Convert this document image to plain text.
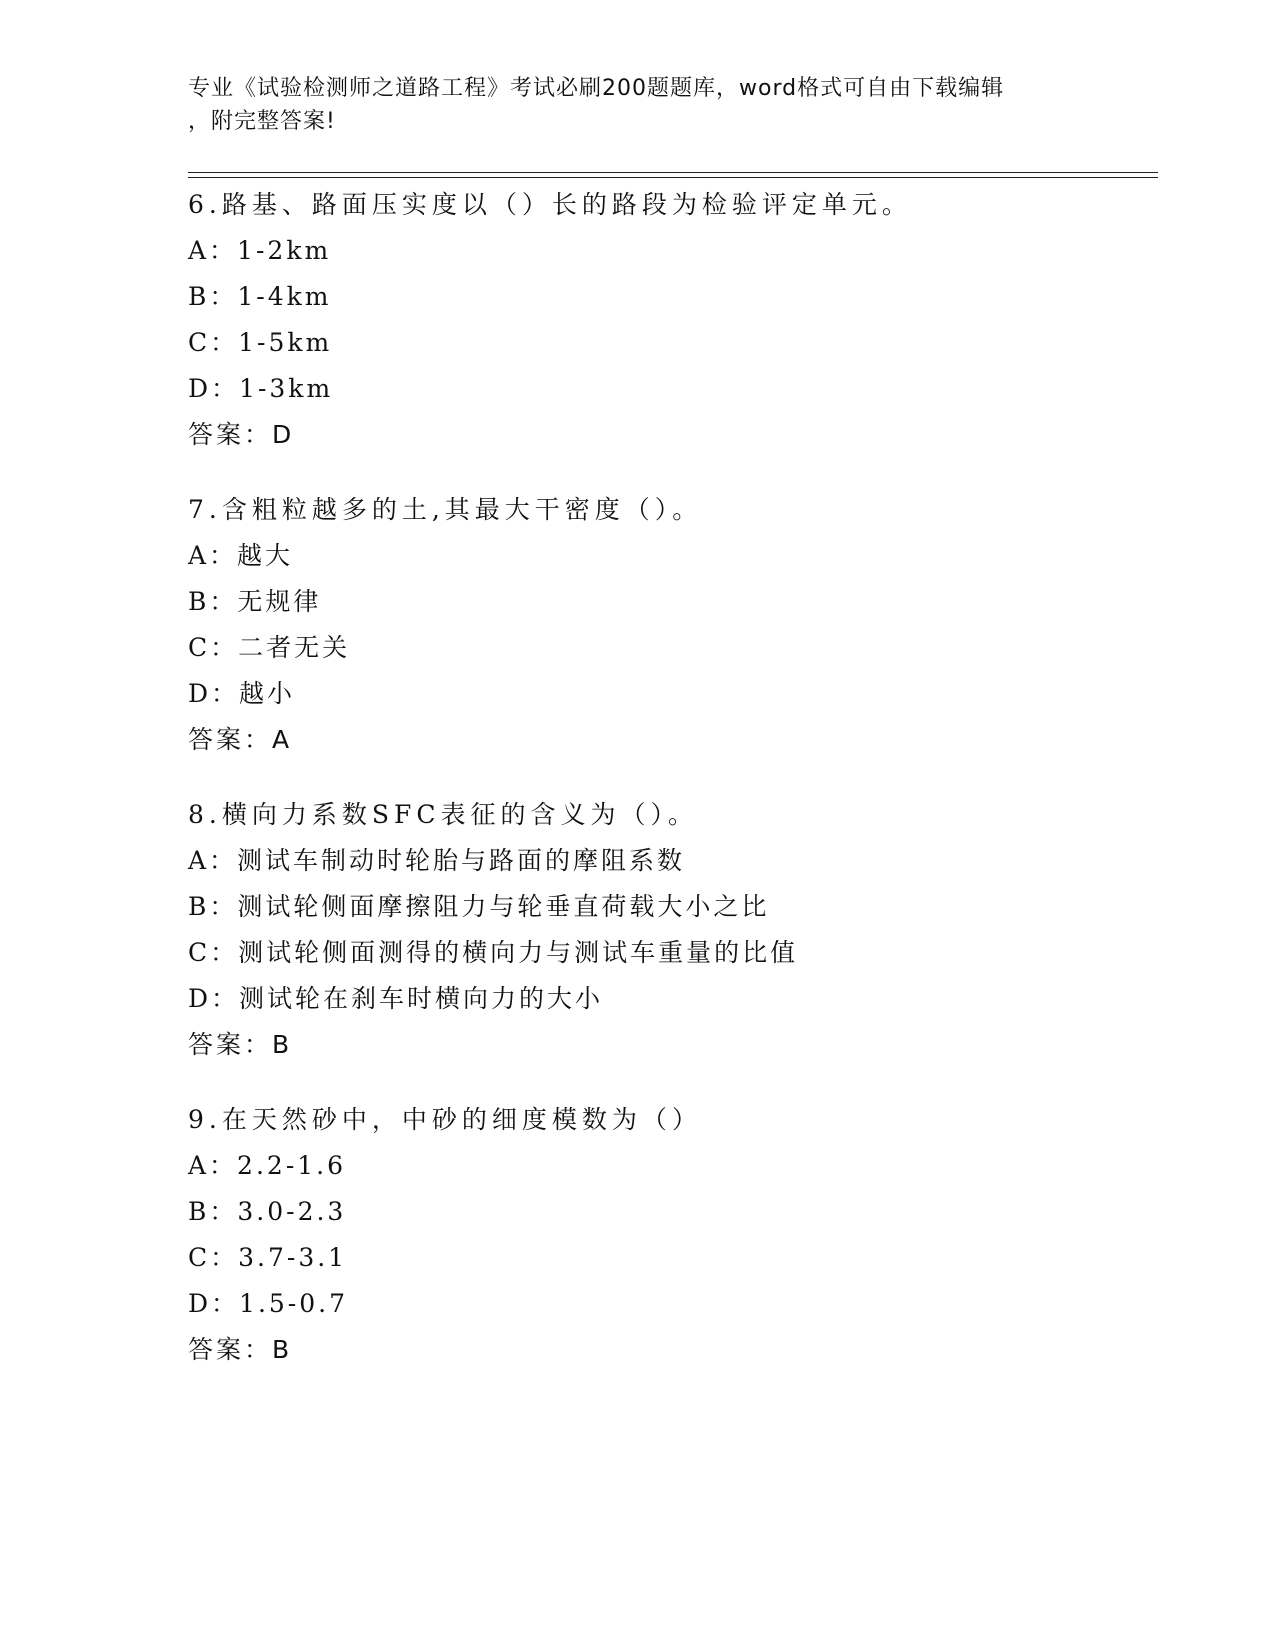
专业《试验检测师之道路工程》考试必刷200题题库，word格式可自由下载编辑
，附完整答案!
6.路基、路面压实度以（）长的路段为检验评定单元。
A：1-2km
B：1-4km
C：1-5km
D：1-3km
答案：D
7.含粗粒越多的土,其最大干密度（）。
A：越大
B：无规律
C：二者无关
D：越小
答案：A
8.横向力系数SFC表征的含义为（）。
A：测试车制动时轮胎与路面的摩阻系数
B：测试轮侧面摩擦阻力与轮垂直荷载大小之比
C：测试轮侧面测得的横向力与测试车重量的比值
D：测试轮在刹车时横向力的大小
答案：B
9.在天然砂中，中砂的细度模数为（）
A：2.2-1.6
B：3.0-2.3
C：3.7-3.1
D：1.5-0.7
答案：B
